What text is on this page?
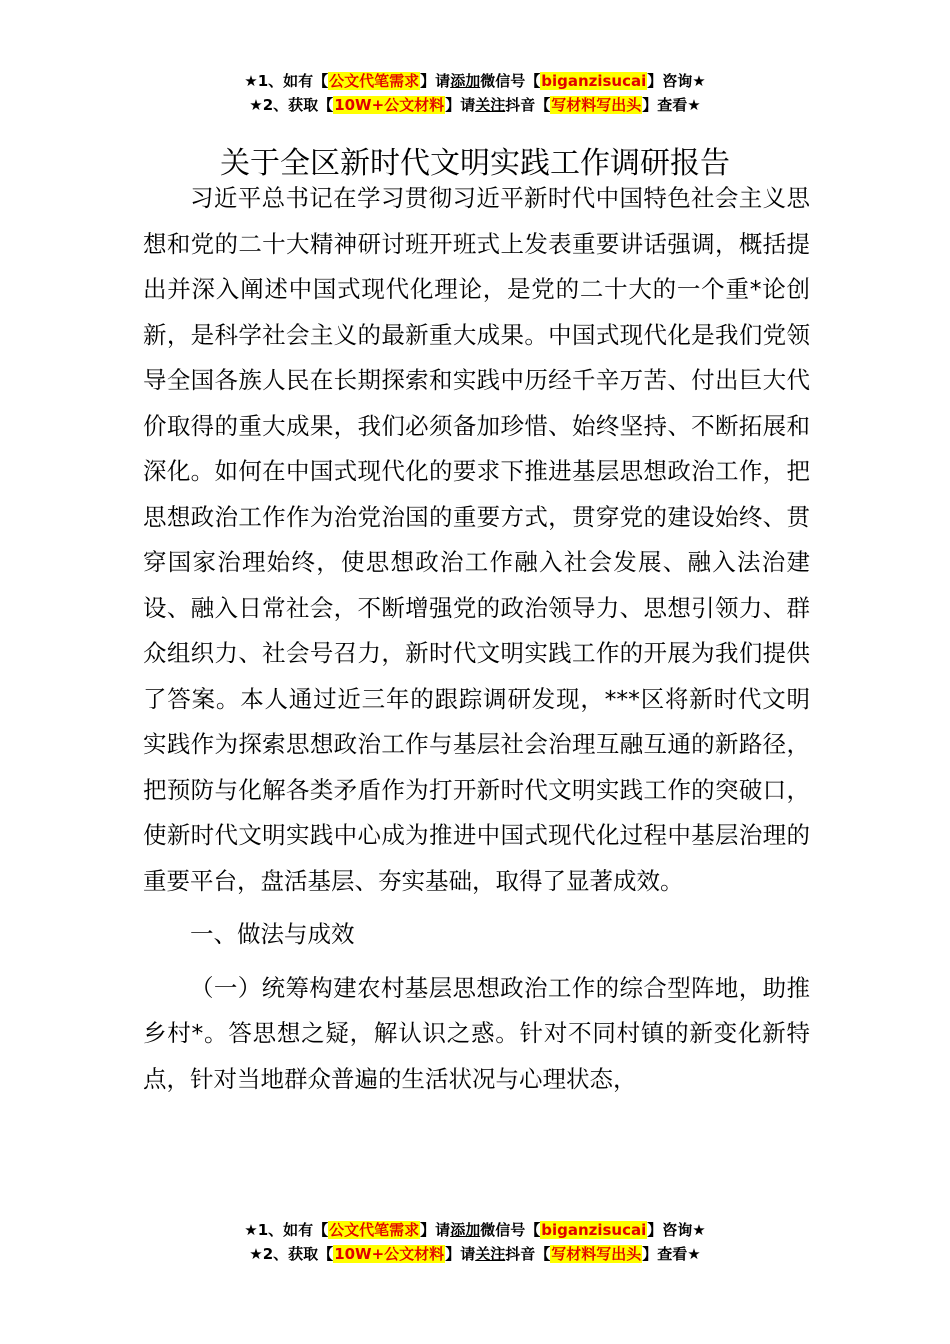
★1、如有【公文代笔需求】请添加微信号【biganzisucai】咨询★
★2、获取【10W+公文材料】请关注抖音【写材料写出头】查看★
关于全区新时代文明实践工作调研报告

习近平总书记在学习贯彻习近平新时代中国特色社会主义思想和党的二十大精神研讨班开班式上发表重要讲话强调，概括提出并深入阐述中国式现代化理论，是党的二十大的一个重*论创新，是科学社会主义的最新重大成果。中国式现代化是我们党领导全国各族人民在长期探索和实践中历经千辛万苦、付出巨大代价取得的重大成果，我们必须备加珍惜、始终坚持、不断拓展和深化。如何在中国式现代化的要求下推进基层思想政治工作，把思想政治工作作为治党治国的重要方式，贯穿党的建设始终、贯穿国家治理始终，使思想政治工作融入社会发展、融入法治建设、融入日常社会，不断增强党的政治领导力、思想引领力、群众组织力、社会号召力，新时代文明实践工作的开展为我们提供了答案。本人通过近三年的跟踪调研发现，***区将新时代文明实践作为探索思想政治工作与基层社会治理互融互通的新路径，把预防与化解各类矛盾作为打开新时代文明实践工作的突破口，使新时代文明实践中心成为推进中国式现代化过程中基层治理的重要平台，盘活基层、夯实基础，取得了显著成效。

一、做法与成效

（一）统筹构建农村基层思想政治工作的综合型阵地，助推乡村*。答思想之疑，解认识之惑。针对不同村镇的新变化新特点，针对当地群众普遍的生活状况与心理状态，

★1、如有【公文代笔需求】请添加微信号【biganzisucai】咨询★
★2、获取【10W+公文材料】请关注抖音【写材料写出头】查看★
